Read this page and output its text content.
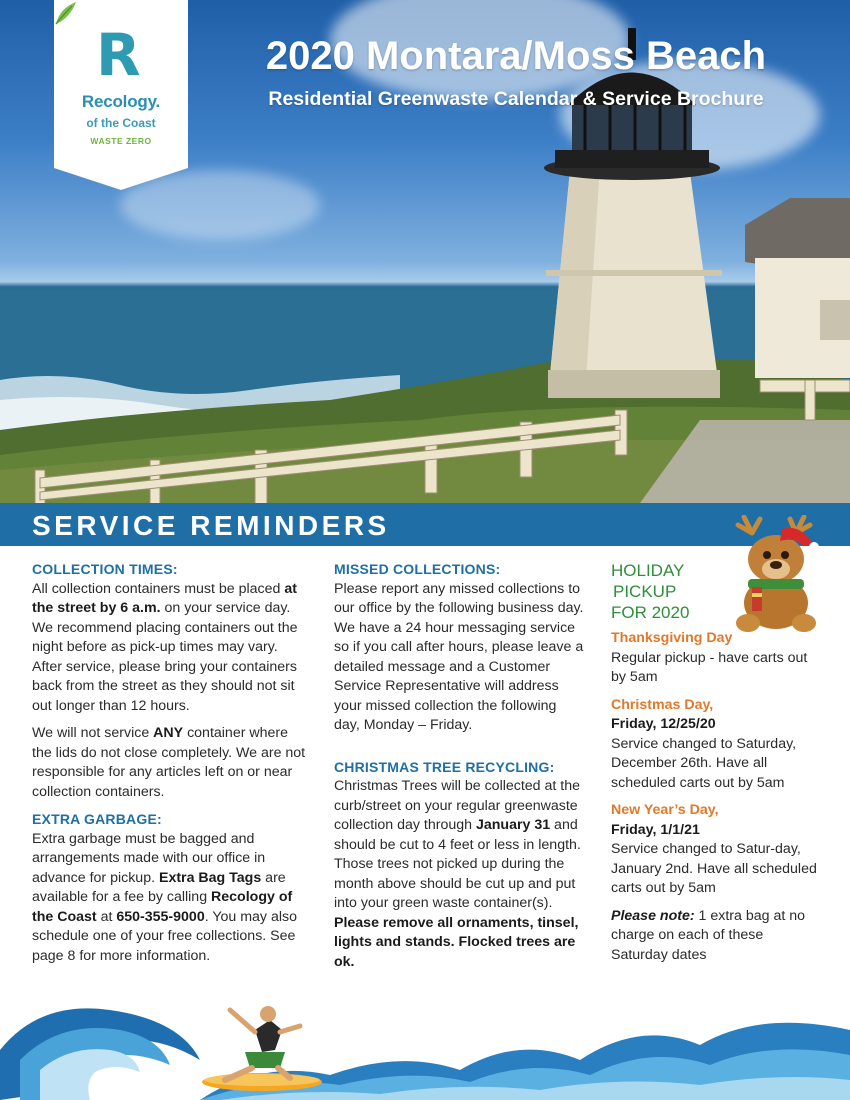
R
Recology.
of the Coast
WASTE ZERO
2020 Montara/Moss Beach
Residential Greenwaste Calendar & Service Brochure
SERVICE REMINDERS
COLLECTION TIMES:
All collection containers must be placed at the street by 6 a.m. on your service day. We recommend placing containers out the night before as pick-up times may vary. After service, please bring your containers back from the street as they should not sit out longer than 12 hours.
We will not service ANY container where the lids do not close completely. We are not responsible for any articles left on or near collection containers.
EXTRA GARBAGE:
Extra garbage must be bagged and arrangements made with our office in advance for pickup. Extra Bag Tags are available for a fee by calling Recology of the Coast at 650-355-9000. You may also schedule one of your free collections. See page 8 for more information.
MISSED COLLECTIONS:
Please report any missed collections to our office by the following business day. We have a 24 hour messaging service so if you call after hours, please leave a detailed message and a Customer Service Representative will address your missed collection the following day, Monday – Friday.
CHRISTMAS TREE RECYCLING:
Christmas Trees will be collected at the curb/street on your regular greenwaste collection day through January 31 and should be cut to 4 feet or less in length. Those trees not picked up during the month above should be cut up and put into your green waste container(s). Please remove all ornaments, tinsel, lights and stands. Flocked trees are ok.
HOLIDAY
PICKUP
FOR 2020
Thanksgiving Day
Regular pickup - have carts out by 5am
Christmas Day,
Friday, 12/25/20
Service changed to Saturday, December 26th. Have all scheduled carts out by 5am
New Year’s Day,
Friday, 1/1/21
Service changed to Satur-day, January 2nd. Have all scheduled carts out by 5am
Please note: 1 extra bag at no charge on each of these Saturday dates
